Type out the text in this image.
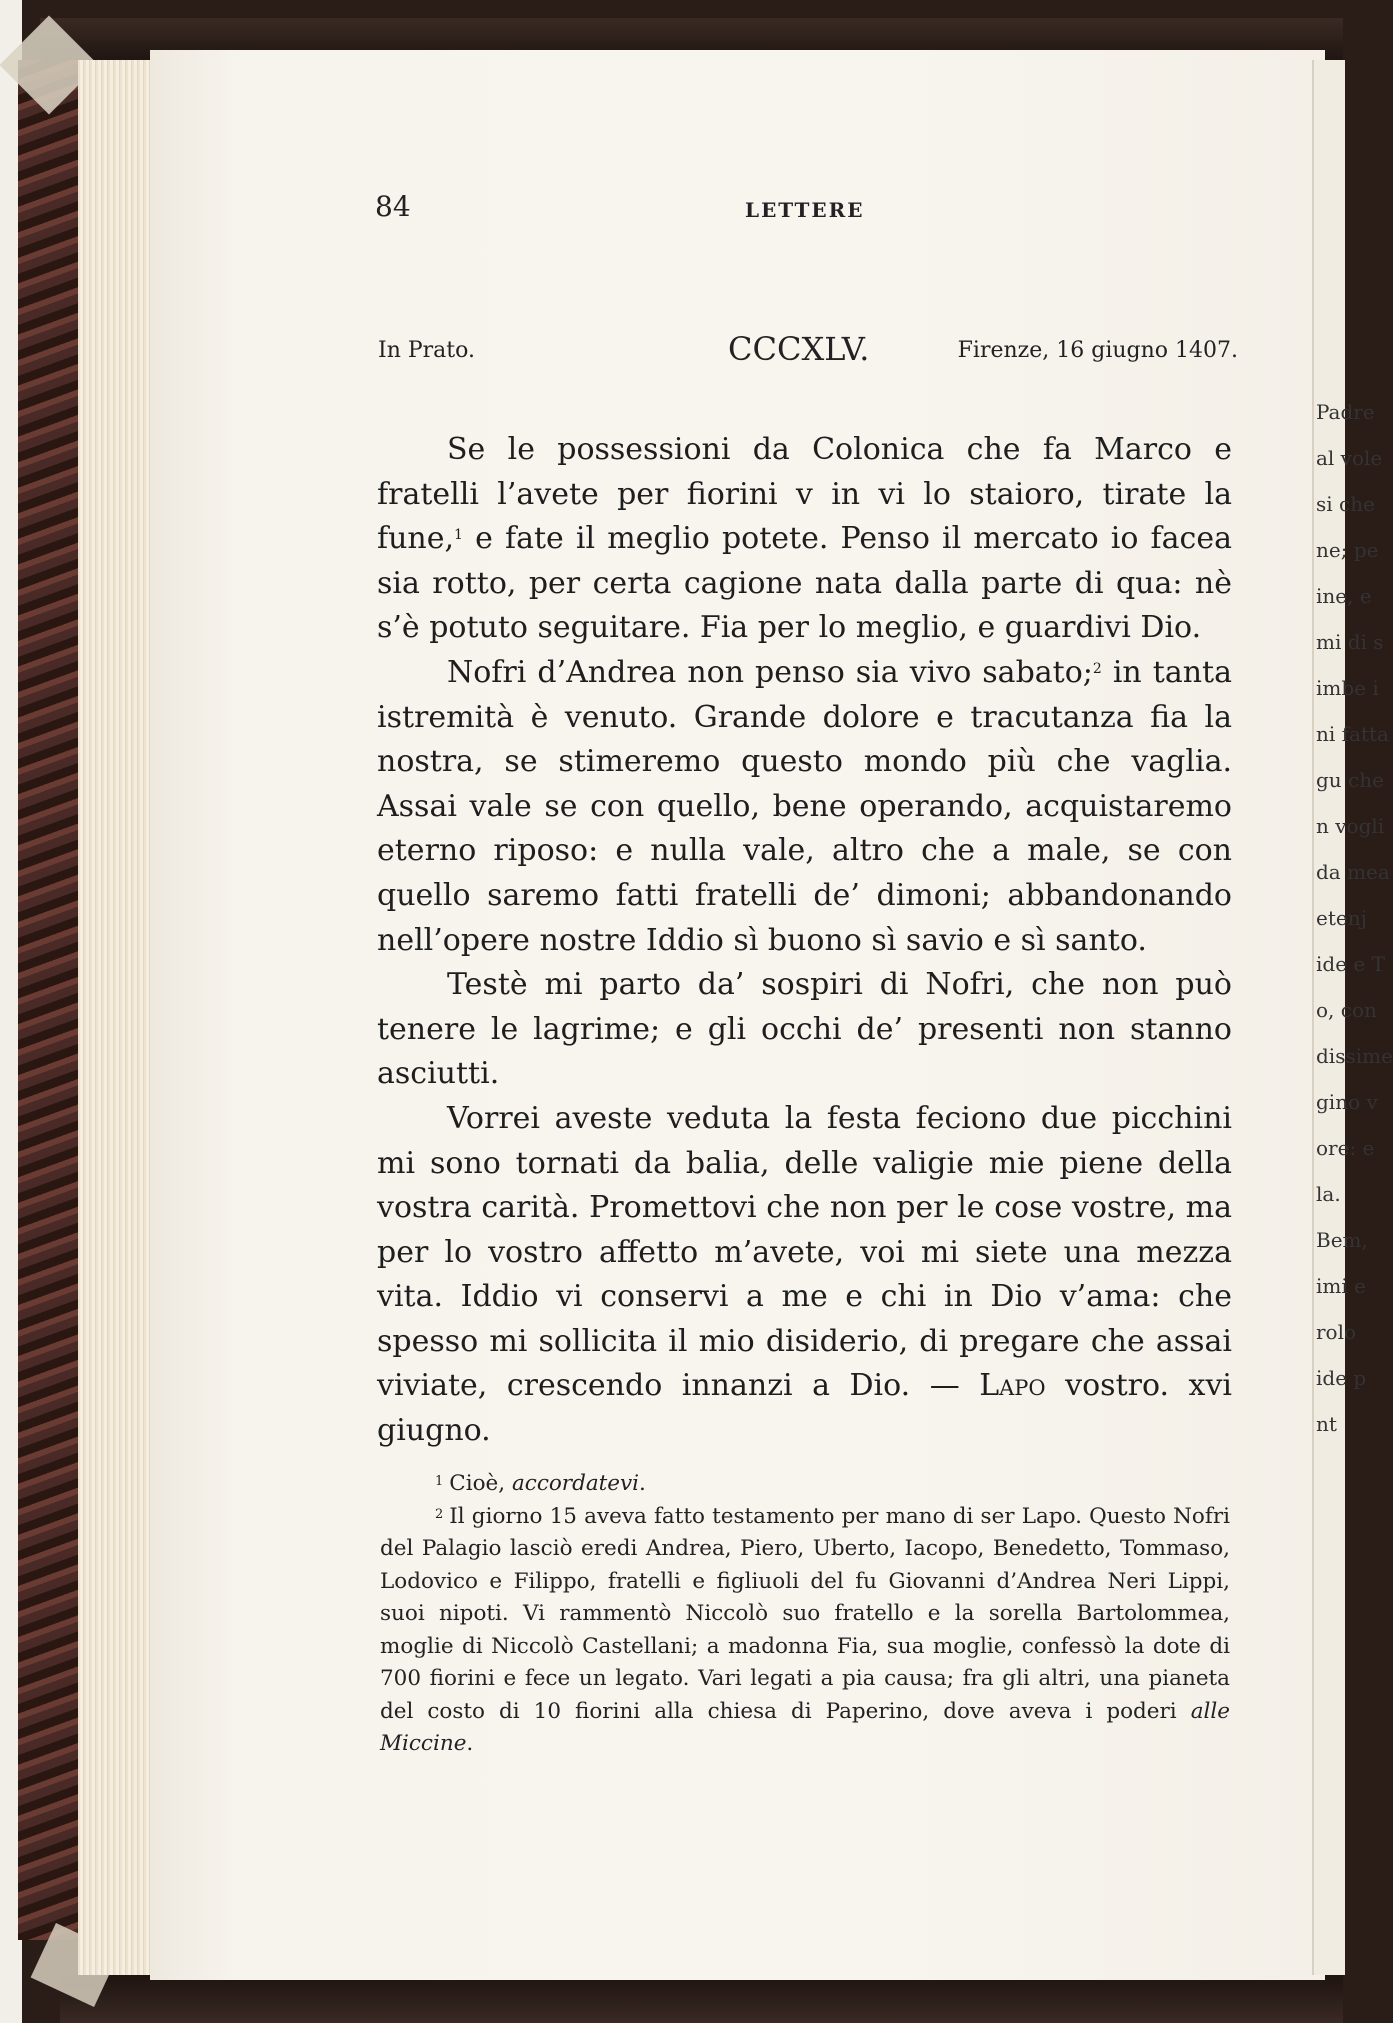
Padre
al vole
si che
ne; pe
ine, e
mi di s
imbe i
ni fatta
gu che
n vogli
da mea
etenj
ide e T
o, con
dissime
gino v
ore: e
la.
Bem,
imi e
rolo
ide p
nt
84	LETTERE
In Prato.	CCCXLV.	Firenze, 16 giugno 1407.

Se le possessioni da Colonica che fa Marco e fratelli l’avete per fiorini v in vi lo staioro, tirate la fune,$^1$ e fate il meglio potete. Penso il mercato io facea sia rotto, per certa cagione nata dalla parte di qua: nè s’è potuto seguitare. Fia per lo meglio, e guardivi Dio.

Nofri d’Andrea non penso sia vivo sabato;$^2$ in tanta istremità è venuto. Grande dolore e tracutanza fia la nostra, se stimeremo questo mondo più che vaglia. Assai vale se con quello, bene operando, acquistaremo eterno riposo: e nulla vale, altro che a male, se con quello saremo fatti fratelli de’ dimoni; abbandonando nell’opere nostre Iddio sì buono sì savio e sì santo.

Testè mi parto da’ sospiri di Nofri, che non può tenere le lagrime; e gli occhi de’ presenti non stanno asciutti.

Vorrei aveste veduta la festa feciono due picchini mi sono tornati da balia, delle valigie mie piene della vostra carità. Promettovi che non per le cose vostre, ma per lo vostro affetto m’avete, voi mi siete una mezza vita. Iddio vi conservi a me e chi in Dio v’ama: che spesso mi sollicita il mio disiderio, di pregare che assai viviate, crescendo innanzi a Dio. — Lapo vostro. xvi giugno.

$^1$ Cioè, accordatevi.

$^2$ Il giorno 15 aveva fatto testamento per mano di ser Lapo. Questo Nofri del Palagio lasciò eredi Andrea, Piero, Uberto, Iacopo, Benedetto, Tommaso, Lodovico e Filippo, fratelli e figliuoli del fu Giovanni d’Andrea Neri Lippi, suoi nipoti. Vi rammentò Niccolò suo fratello e la sorella Bartolommea, moglie di Niccolò Castellani; a madonna Fia, sua moglie, confessò la dote di 700 fiorini e fece un legato. Vari legati a pia causa; fra gli altri, una pianeta del costo di 10 fiorini alla chiesa di Paperino, dove aveva i poderi alle Miccine.
